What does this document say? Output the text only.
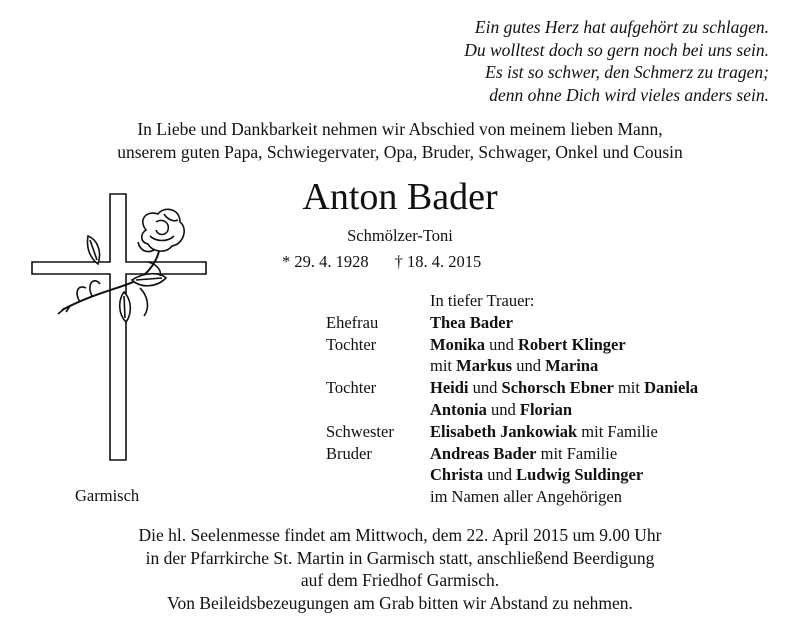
Ein gutes Herz hat aufgehört zu schlagen.
Du wolltest doch so gern noch bei uns sein.
Es ist so schwer, den Schmerz zu tragen;
denn ohne Dich wird vieles anders sein.
In Liebe und Dankbarkeit nehmen wir Abschied von meinem lieben Mann,
unserem guten Papa, Schwiegervater, Opa, Bruder, Schwager, Onkel und Cousin
Anton Bader
Schmölzer-Toni
* 29. 4. 1928 † 18. 4. 2015
Garmisch
In tiefer Trauer:
Ehefrau	Thea Bader
Tochter	Monika und Robert Klinger
mit Markus und Marina
Tochter	Heidi und Schorsch Ebner mit Daniela
Antonia und Florian
Schwester	Elisabeth Jankowiak mit Familie
Bruder	Andreas Bader mit Familie
Christa und Ludwig Suldinger
im Namen aller Angehörigen
Die hl. Seelenmesse findet am Mittwoch, dem 22. April 2015 um 9.00 Uhr
in der Pfarrkirche St. Martin in Garmisch statt, anschließend Beerdigung
auf dem Friedhof Garmisch.
Von Beileidsbezeugungen am Grab bitten wir Abstand zu nehmen.
